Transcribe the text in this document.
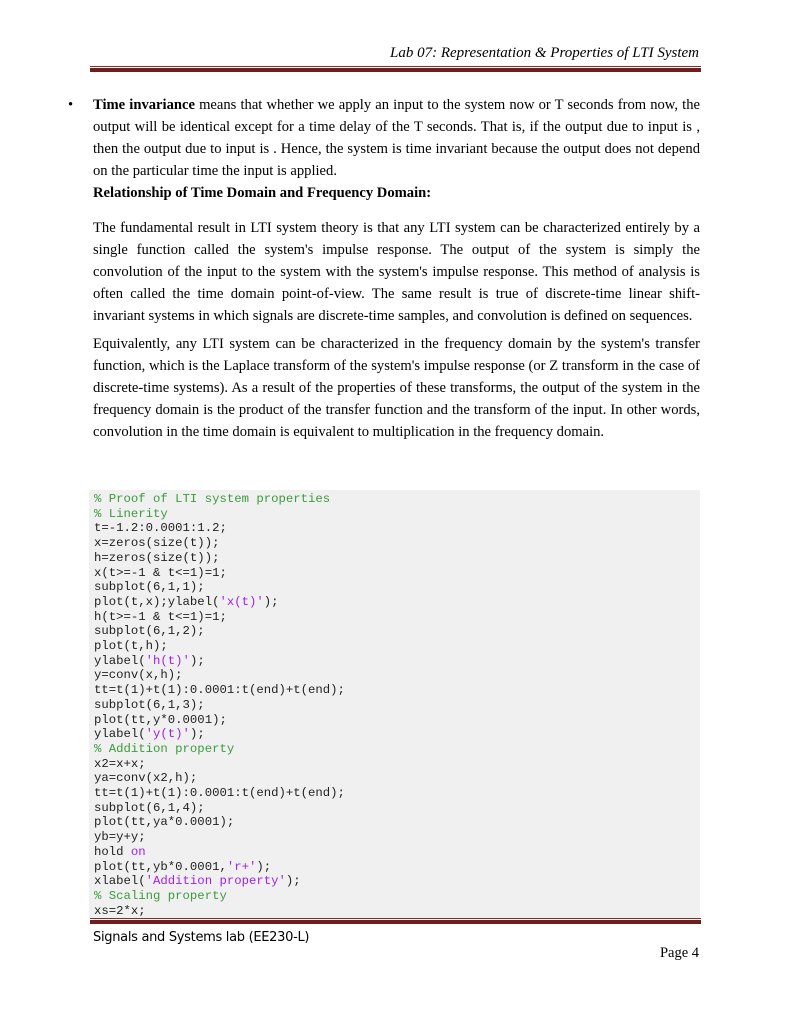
Lab 07: Representation & Properties of LTI System

• Time invariance means that whether we apply an input to the system now or T seconds from now, the output will be identical except for a time delay of the T seconds. That is, if the output due to input is , then the output due to input is . Hence, the system is time invariant because the output does not depend on the particular time the input is applied.

Relationship of Time Domain and Frequency Domain:

The fundamental result in LTI system theory is that any LTI system can be characterized entirely by a single function called the system's impulse response. The output of the system is simply the convolution of the input to the system with the system's impulse response. This method of analysis is often called the time domain point-of-view. The same result is true of discrete-time linear shift-invariant systems in which signals are discrete-time samples, and convolution is defined on sequences.

Equivalently, any LTI system can be characterized in the frequency domain by the system's transfer function, which is the Laplace transform of the system's impulse response (or Z transform in the case of discrete-time systems). As a result of the properties of these transforms, the output of the system in the frequency domain is the product of the transfer function and the transform of the input. In other words, convolution in the time domain is equivalent to multiplication in the frequency domain.

% Proof of LTI system properties
% Linerity
t=-1.2:0.0001:1.2;
x=zeros(size(t));
h=zeros(size(t));
x(t>=-1 & t<=1)=1;
subplot(6,1,1);
plot(t,x);ylabel('x(t)');
h(t>=-1 & t<=1)=1;
subplot(6,1,2);
plot(t,h);
ylabel('h(t)');
y=conv(x,h);
tt=t(1)+t(1):0.0001:t(end)+t(end);
subplot(6,1,3);
plot(tt,y*0.0001);
ylabel('y(t)');
% Addition property
x2=x+x;
ya=conv(x2,h);
tt=t(1)+t(1):0.0001:t(end)+t(end);
subplot(6,1,4);
plot(tt,ya*0.0001);
yb=y+y;
hold on
plot(tt,yb*0.0001,'r+');
xlabel('Addition property');
% Scaling property
xs=2*x;
Signals and Systems lab (EE230-L)
Page 4
